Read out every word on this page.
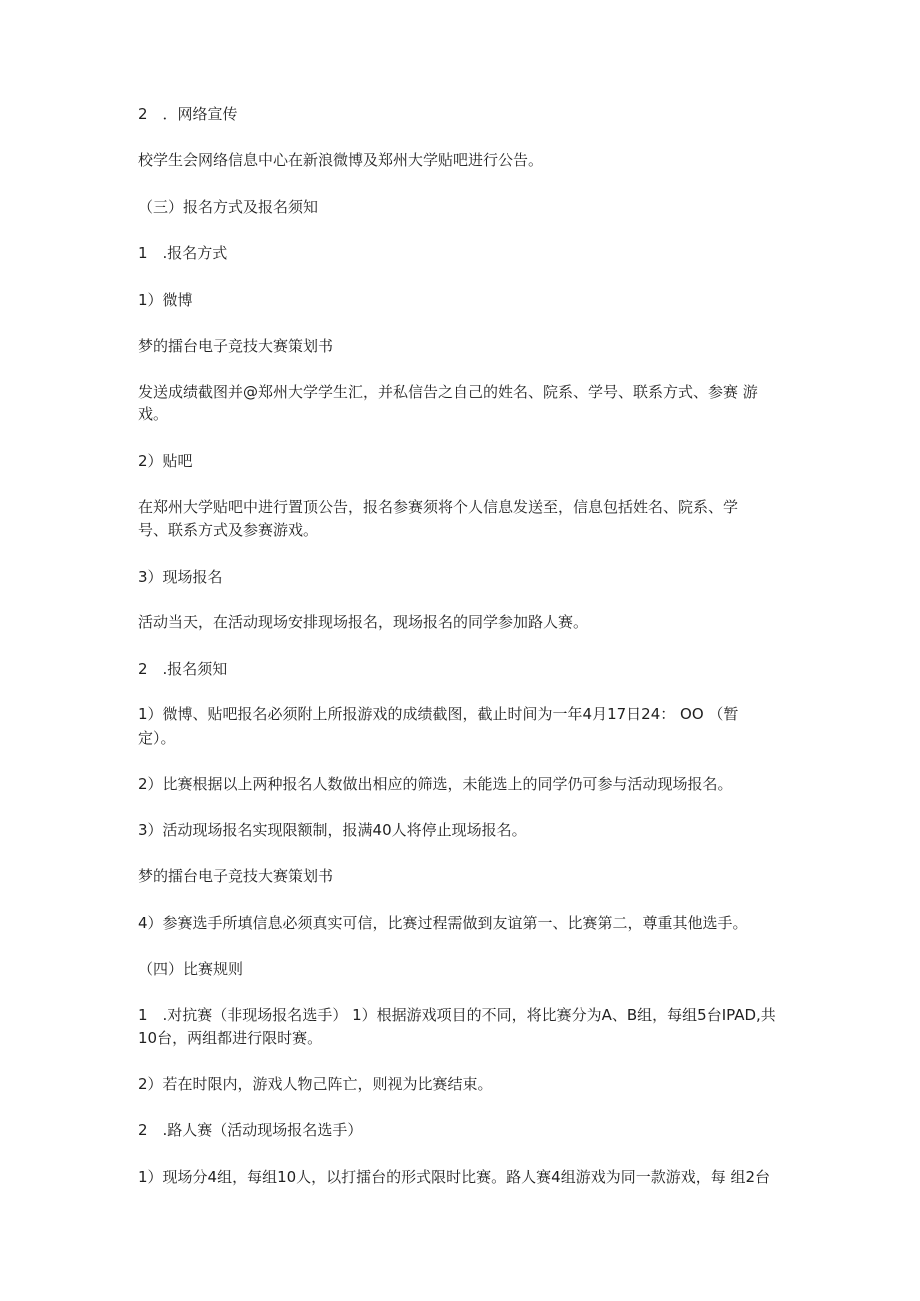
2　．网络宣传

校学生会网络信息中心在新浪微博及郑州大学贴吧进行公告。

（三）报名方式及报名须知

1　.报名方式

1）微博

梦的擂台电子竞技大赛策划书

发送成绩截图并@郑州大学学生汇，并私信告之自己的姓名、院系、学号、联系方式、参赛 游

戏。

2）贴吧

在郑州大学贴吧中进行置顶公告，报名参赛须将个人信息发送至，信息包括姓名、院系、学

号、联系方式及参赛游戏。

3）现场报名

活动当天，在活动现场安排现场报名，现场报名的同学参加路人赛。

2　.报名须知

1）微博、贴吧报名必须附上所报游戏的成绩截图，截止时间为一年4月17日24： OO （暂

定）。

2）比赛根据以上两种报名人数做出相应的筛选，未能选上的同学仍可参与活动现场报名。

3）活动现场报名实现限额制，报满40人将停止现场报名。

梦的擂台电子竞技大赛策划书

4）参赛选手所填信息必须真实可信，比赛过程需做到友谊第一、比赛第二，尊重其他选手。

（四）比赛规则

1　.对抗赛（非现场报名选手） 1）根据游戏项目的不同，将比赛分为A、B组，每组5台IPAD,共

10台，两组都进行限时赛。

2）若在时限内，游戏人物己阵亡，则视为比赛结束。

2　.路人赛（活动现场报名选手）

1）现场分4组，每组10人，以打擂台的形式限时比赛。路人赛4组游戏为同一款游戏，每 组2台
